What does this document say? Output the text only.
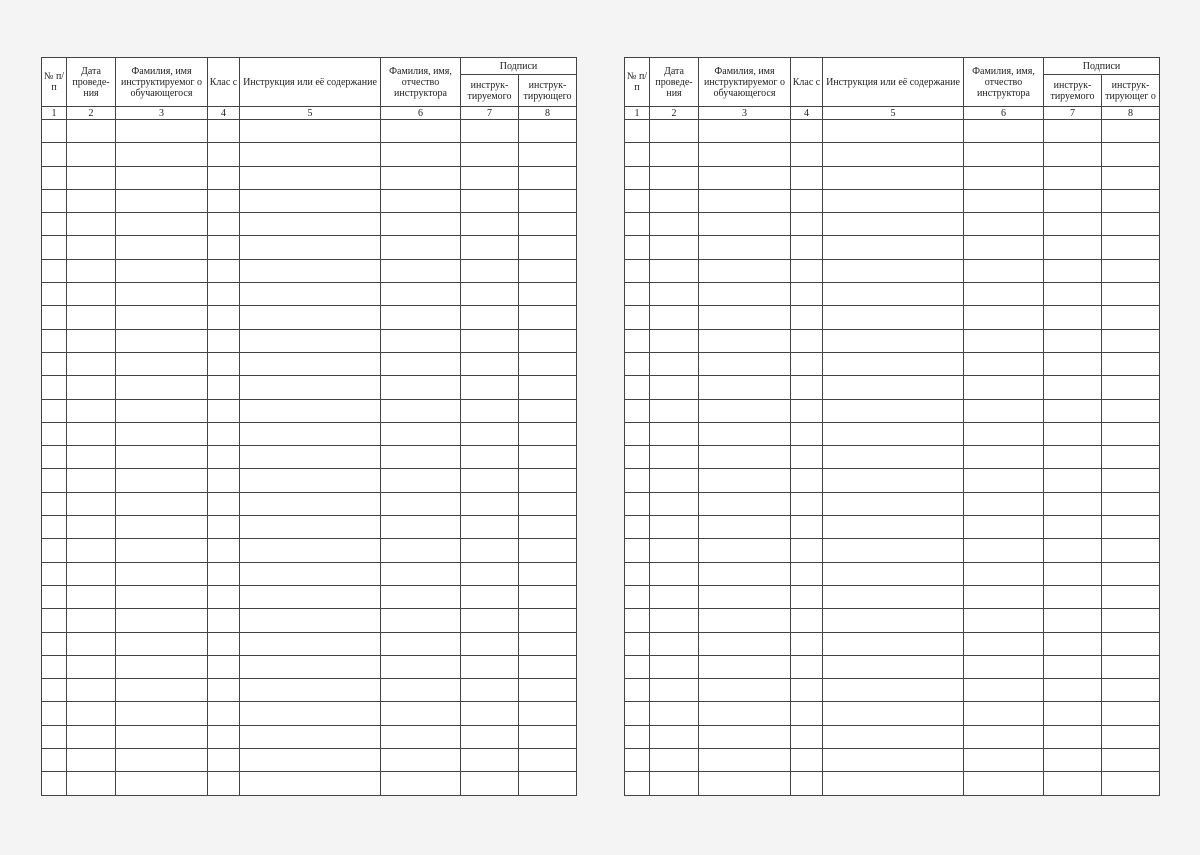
№ п/п	Дата проведе-ния	Фамилия, имя инструктируемог о обучающегося	Клас с	Инструкция или её содержание	Фамилия, имя, отчество инструктора	Подписи	
						инструк-тируемого	инструк-тирующего
1	2	3	4	5	6	7	8

№ п/п	Дата проведе-ния	Фамилия, имя инструктируемог о обучающегося	Клас с	Инструкция или её содержание	Фамилия, имя, отчество инструктора	Подписи	
						инструк-тируемого	инструк-тирующег о
1	2	3	4	5	6	7	8
